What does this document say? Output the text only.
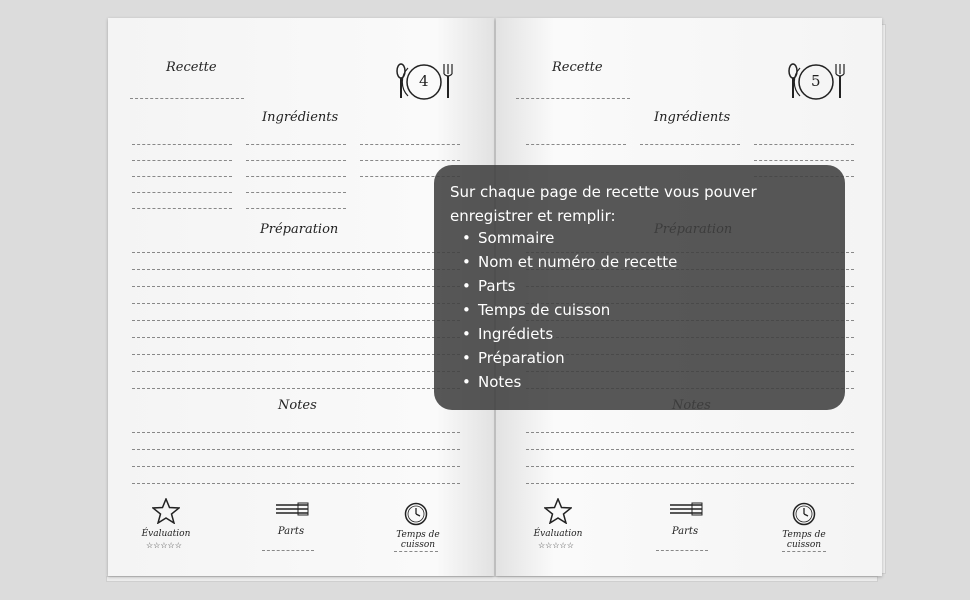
Recette
4
Ingrédients
Préparation
Notes
Évaluation
☆☆☆☆☆
Parts	Temps de cuisson
Recette
5
Ingrédients
Évaluation
☆☆☆☆☆
Parts	Temps de cuisson
Sur chaque page de recette vous pouver enregistrer et remplir:
• Sommaire
• Nom et numéro de recette
• Parts
• Temps de cuisson
• Ingrédiets
• Préparation
• Notes
